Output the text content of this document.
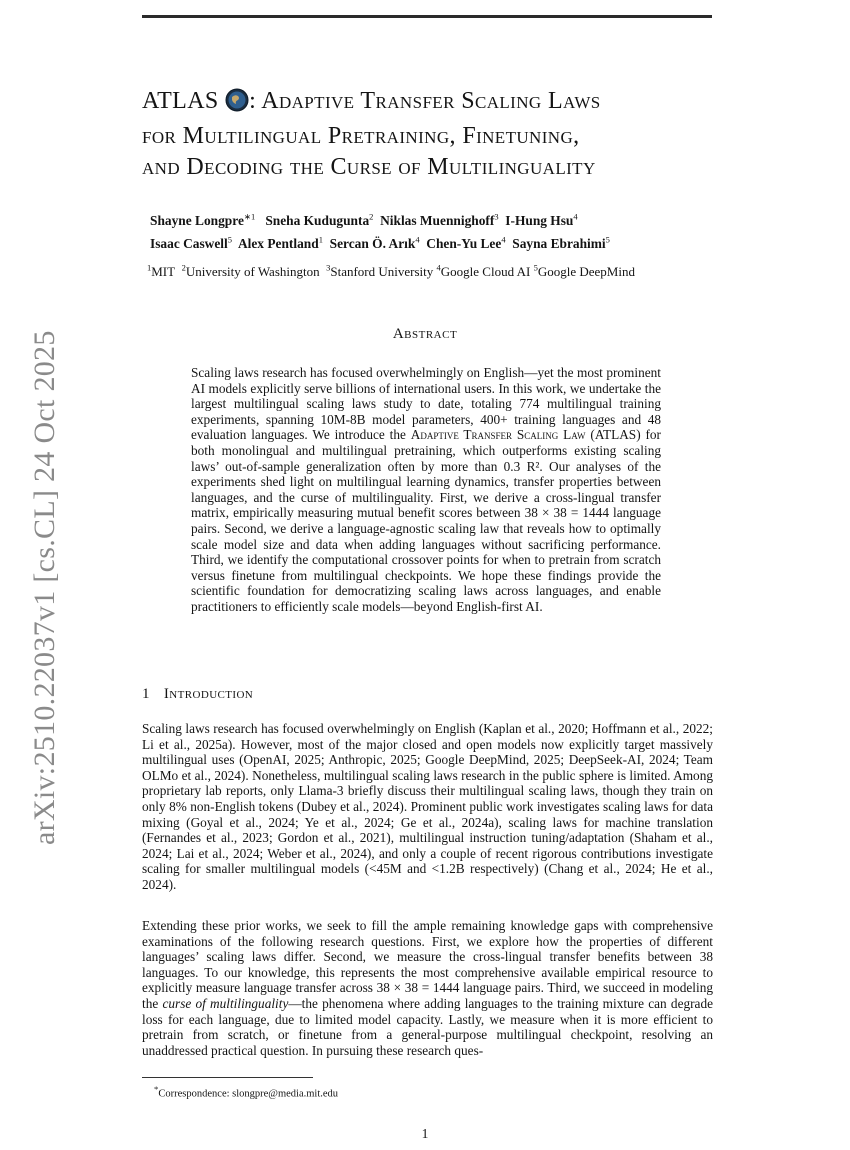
arXiv:2510.22037v1 [cs.CL] 24 Oct 2025
ATLAS : Adaptive Transfer Scaling Laws
for Multilingual Pretraining, Finetuning,
and Decoding the Curse of Multilinguality
Shayne Longpre$^{∗1}$ Sneha Kudugunta$^2$ Niklas Muennighoff$^3$ I-Hung Hsu$^4$
Isaac Caswell$^5$ Alex Pentland$^1$ Sercan Ö. Arık$^4$ Chen-Yu Lee$^4$ Sayna Ebrahimi$^5$
$^1$MIT $^2$University of Washington $^3$Stanford University $^4$Google Cloud AI $^5$Google DeepMind
Abstract

Scaling laws research has focused overwhelmingly on English—yet the most prominent AI models explicitly serve billions of international users. In this work, we undertake the largest multilingual scaling laws study to date, totaling 774 multilingual training experiments, spanning 10M-8B model parameters, 400+ training languages and 48 evaluation languages. We introduce the Adaptive Transfer Scaling Law (ATLAS) for both monolingual and multilingual pretraining, which outperforms existing scaling laws’ out-of-sample generalization often by more than 0.3 R². Our analyses of the experiments shed light on multilingual learning dynamics, transfer properties between languages, and the curse of multilinguality. First, we derive a cross-lingual transfer matrix, empirically measuring mutual benefit scores between 38 × 38 = 1444 language pairs. Second, we derive a language-agnostic scaling law that reveals how to optimally scale model size and data when adding languages without sacrificing performance. Third, we identify the computational crossover points for when to pretrain from scratch versus finetune from multilingual checkpoints. We hope these findings provide the scientific foundation for democratizing scaling laws across languages, and enable practitioners to efficiently scale models—beyond English-first AI.

1 Introduction

Scaling laws research has focused overwhelmingly on English (Kaplan et al., 2020; Hoffmann et al., 2022; Li et al., 2025a). However, most of the major closed and open models now explicitly target massively multilingual uses (OpenAI, 2025; Anthropic, 2025; Google DeepMind, 2025; DeepSeek-AI, 2024; Team OLMo et al., 2024). Nonetheless, multilingual scaling laws research in the public sphere is limited. Among proprietary lab reports, only Llama-3 briefly discuss their multilingual scaling laws, though they train on only 8% non-English tokens (Dubey et al., 2024). Prominent public work investigates scaling laws for data mixing (Goyal et al., 2024; Ye et al., 2024; Ge et al., 2024a), scaling laws for machine translation (Fernandes et al., 2023; Gordon et al., 2021), multilingual instruction tuning/adaptation (Shaham et al., 2024; Lai et al., 2024; Weber et al., 2024), and only a couple of recent rigorous contributions investigate scaling for smaller multilingual models (<45M and <1.2B respectively) (Chang et al., 2024; He et al., 2024).

Extending these prior works, we seek to fill the ample remaining knowledge gaps with comprehensive examinations of the following research questions. First, we explore how the properties of different languages’ scaling laws differ. Second, we measure the cross-lingual transfer benefits between 38 languages. To our knowledge, this represents the most comprehensive available empirical resource to explicitly measure language transfer across 38 × 38 = 1444 language pairs. Third, we succeed in modeling the curse of multilinguality—the phenomena where adding languages to the training mixture can degrade loss for each language, due to limited model capacity. Lastly, we measure when it is more efficient to pretrain from scratch, or finetune from a general-purpose multilingual checkpoint, resolving an unaddressed practical question. In pursuing these research ques-

*Correspondence: slongpre@media.mit.edu
1
